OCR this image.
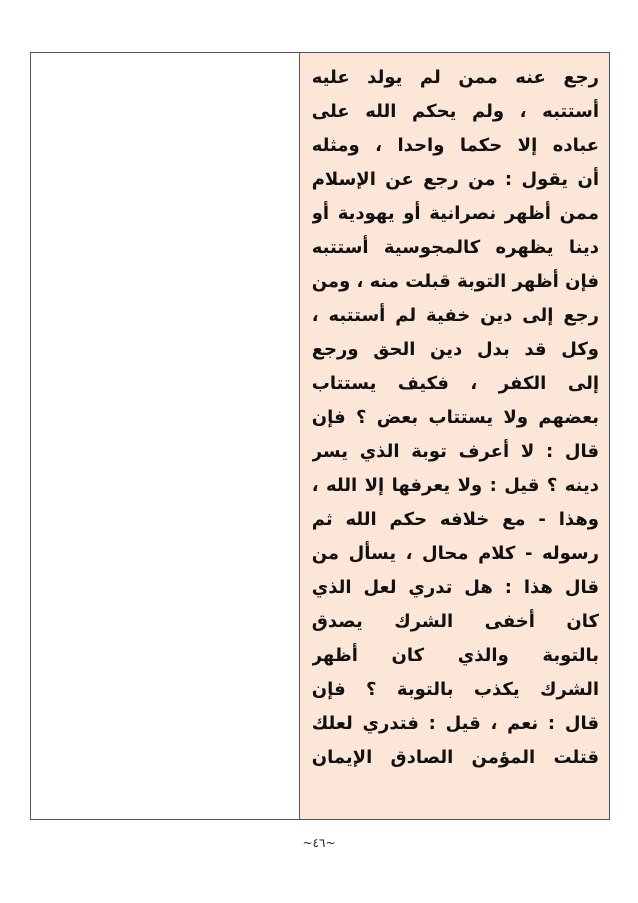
رجع عنه ممن لم يولد عليه
أستتبه ، ولم يحكم الله على
عباده إلا حكما واحدا ، ومثله
أن يقول : من رجع عن الإسلام
ممن أظهر نصرانية أو يهودية أو
دينا يظهره كالمجوسية أستتبه
فإن أظهر التوبة قبلت منه ، ومن
رجع إلى دين خفية لم أستتبه ،
وكل قد بدل دين الحق ورجع
إلى الكفر ، فكيف يستتاب
بعضهم ولا يستتاب بعض ؟ فإن
قال : لا أعرف توبة الذي يسر
دينه ؟ قيل : ولا يعرفها إلا الله ،
وهذا - مع خلافه حكم الله ثم
رسوله - كلام محال ، يسأل من
قال هذا : هل تدري لعل الذي
كان أخفى الشرك يصدق
بالتوبة والذي كان أظهر
الشرك يكذب بالتوبة ؟ فإن
قال : نعم ، قيل : فتدري لعلك
قتلت المؤمن الصادق الإيمان
~٤٦~
